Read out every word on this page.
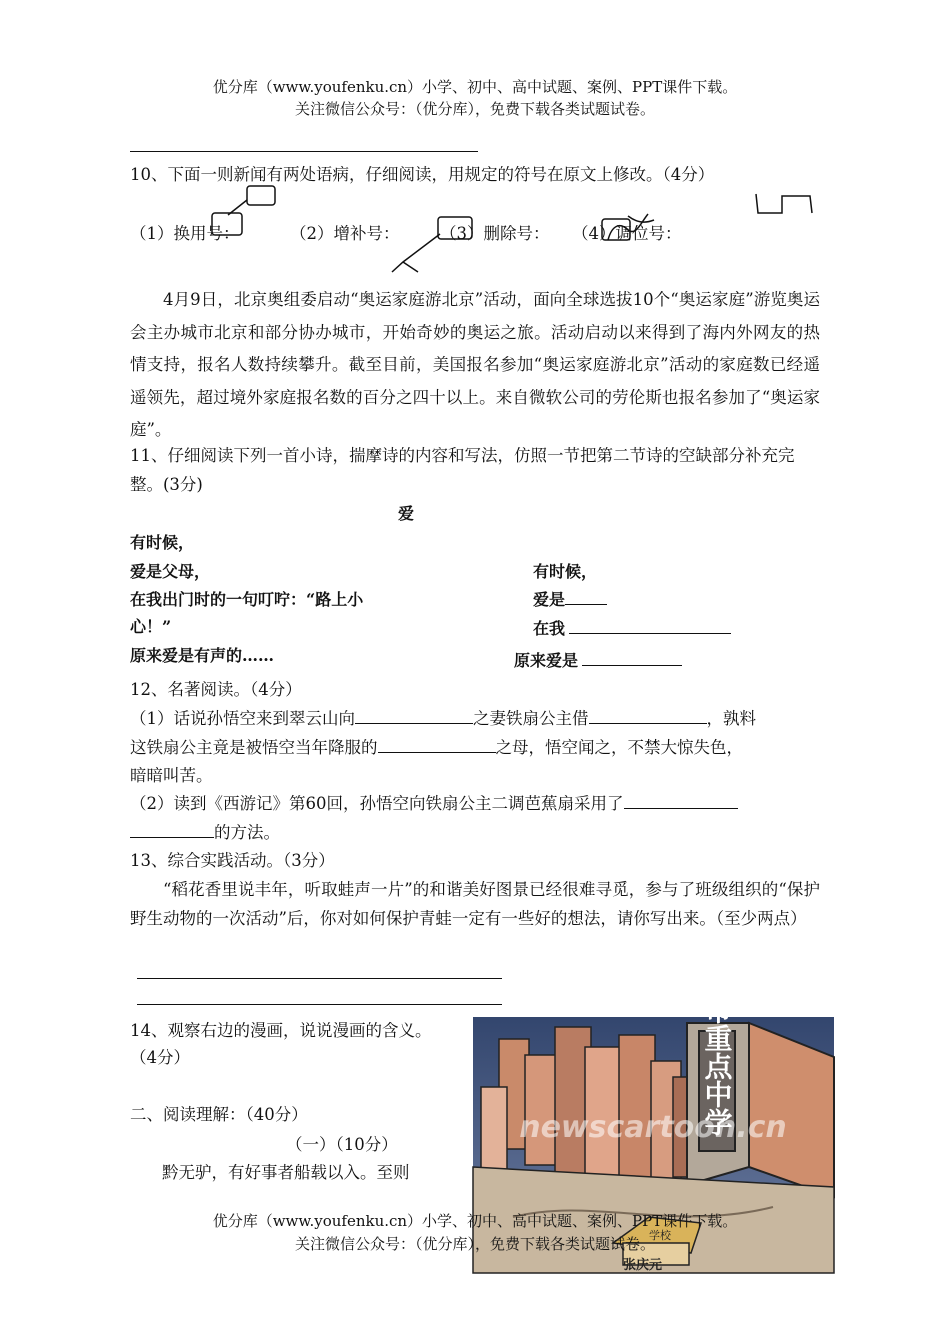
优分库（www.youfenku.cn）小学、初中、高中试题、案例、PPT课件下载。
关注微信公众号：（优分库），免费下载各类试题试卷。
10、下面一则新闻有两处语病，仔细阅读，用规定的符号在原文上修改。（4分）
（1）换用号：	（2）增补号： （3）删除号： （4）调位号：
4月9日，北京奥组委启动“奥运家庭游北京”活动，面向全球选拔10个“奥运家庭”游览奥运会主办城市北京和部分协办城市，开始奇妙的奥运之旅。活动启动以来得到了海内外网友的热情支持，报名人数持续攀升。截至目前，美国报名参加“奥运家庭游北京”活动的家庭数已经遥遥领先，超过境外家庭报名数的百分之四十以上。来自微软公司的劳伦斯也报名参加了“奥运家庭”。
11、仔细阅读下列一首小诗，揣摩诗的内容和写法，仿照一节把第二节诗的空缺部分补充完整。(3分)
爱
有时候，
爱是父母，
在我出门时的一句叮咛：“路上小
心！”
原来爱是有声的……
有时候，
爱是
在我
原来爱是
12、名著阅读。（4分）
（1）话说孙悟空来到翠云山向	之妻铁扇公主借	，孰料
这铁扇公主竟是被悟空当年降服的	之母，悟空闻之，不禁大惊失色，
暗暗叫苦。
（2）读到《西游记》第60回，孙悟空向铁扇公主二调芭蕉扇采用了
的方法。
13、综合实践活动。（3分）
“稻花香里说丰年，听取蛙声一片”的和谐美好图景已经很难寻觅，参与了班级组织的“保护野生动物的一次活动”后，你对如何保护青蛙一定有一些好的想法，请你写出来。（至少两点）
14、观察右边的漫画，说说漫画的含义。
（4分）
二、阅读理解：（40分）
（一）（10分）
黔无驴，有好事者船载以入。至则
某市重点中学
学校
newscartoon.cn
张庆元
优分库（www.youfenku.cn）小学、初中、高中试题、案例、PPT课件下载。
关注微信公众号：（优分库），免费下载各类试题试卷。
